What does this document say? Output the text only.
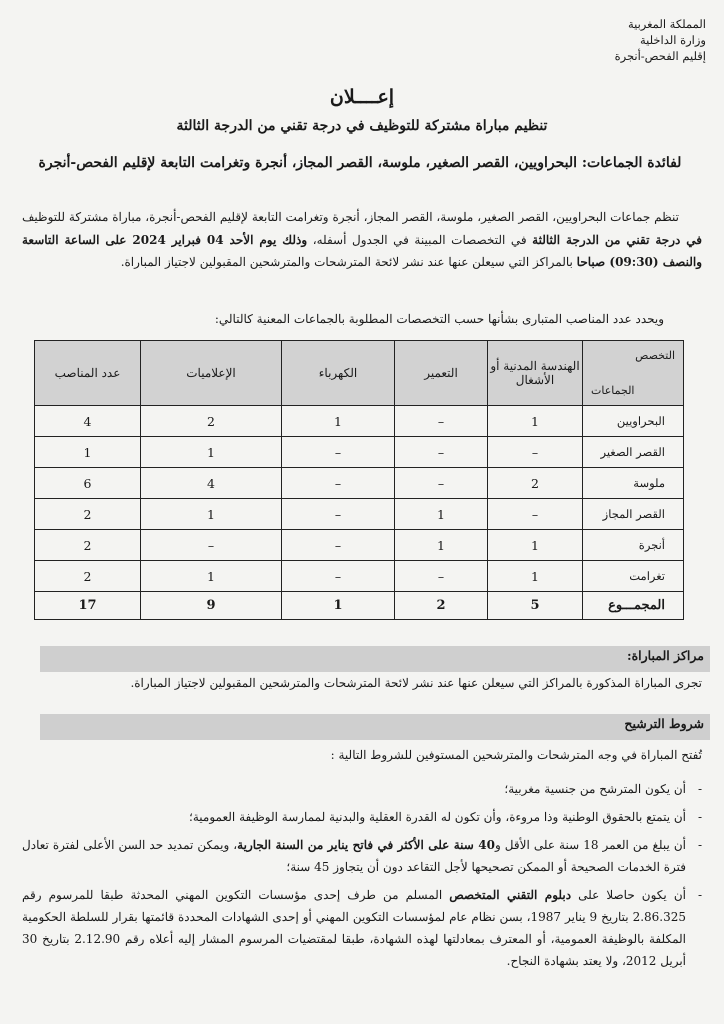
المملكة المغربية
وزارة الداخلية
إقليم الفحص-أنجرة
إعــــلان
تنظيم مباراة مشتركة للتوظيف في درجة تقني من الدرجة الثالثة
لفائدة الجماعات: البحراويين، القصر الصغير، ملوسة، القصر المجاز، أنجرة وتغرامت التابعة لإقليم الفحص-أنجرة
تنظم جماعات البحراويين، القصر الصغير، ملوسة، القصر المجاز، أنجرة وتغرامت التابعة لإقليم الفحص-أنجرة، مباراة مشتركة للتوظيف في درجة تقني من الدرجة الثالثة في التخصصات المبينة في الجدول أسفله، وذلك يوم الأحد 04 فبراير 2024 على الساعة التاسعة والنصف (09:30) صباحا بالمراكز التي سيعلن عنها عند نشر لائحة المترشحات والمترشحين المقبولين لاجتياز المباراة.
ويحدد عدد المناصب المتبارى بشأنها حسب التخصصات المطلوبة بالجماعات المعنية كالتالي:
التخصص
الجماعات	الهندسة المدنية أو الأشغال	التعمير	الكهرباء	الإعلاميات	عدد المناصب
البحراويين	1	–	1	2	4
القصر الصغير	–	–	–	1	1
ملوسة	2	–	–	4	6
القصر المجاز	–	1	–	1	2
أنجرة	1	1	–	–	2
تغرامت	1	–	–	1	2
المجمـــوع	5	2	1	9	17
مراكز المباراة:
تجرى المباراة المذكورة بالمراكز التي سيعلن عنها عند نشر لائحة المترشحات والمترشحين المقبولين لاجتياز المباراة.
شروط الترشيح
تُفتح المباراة في وجه المترشحات والمترشحين المستوفين للشروط التالية :
- أن يكون المترشح من جنسية مغربية؛
- أن يتمتع بالحقوق الوطنية وذا مروءة، وأن تكون له القدرة العقلية والبدنية لممارسة الوظيفة العمومية؛
- أن يبلغ من العمر 18 سنة على الأقل و40 سنة على الأكثر في فاتح يناير من السنة الجارية، ويمكن تمديد حد السن الأعلى لفترة تعادل فترة الخدمات الصحيحة أو الممكن تصحيحها لأجل التقاعد دون أن يتجاوز 45 سنة؛
- أن يكون حاصلا على دبلوم التقني المتخصص المسلم من طرف إحدى مؤسسات التكوين المهني المحدثة طبقا للمرسوم رقم 2.86.325 بتاريخ 9 يناير 1987، بسن نظام عام لمؤسسات التكوين المهني أو إحدى الشهادات المحددة قائمتها بقرار للسلطة الحكومية المكلفة بالوظيفة العمومية، أو المعترف بمعادلتها لهذه الشهادة، طبقا لمقتضيات المرسوم المشار إليه أعلاه رقم 2.12.90 بتاريخ 30 أبريل 2012، ولا يعتد بشهادة النجاح.
